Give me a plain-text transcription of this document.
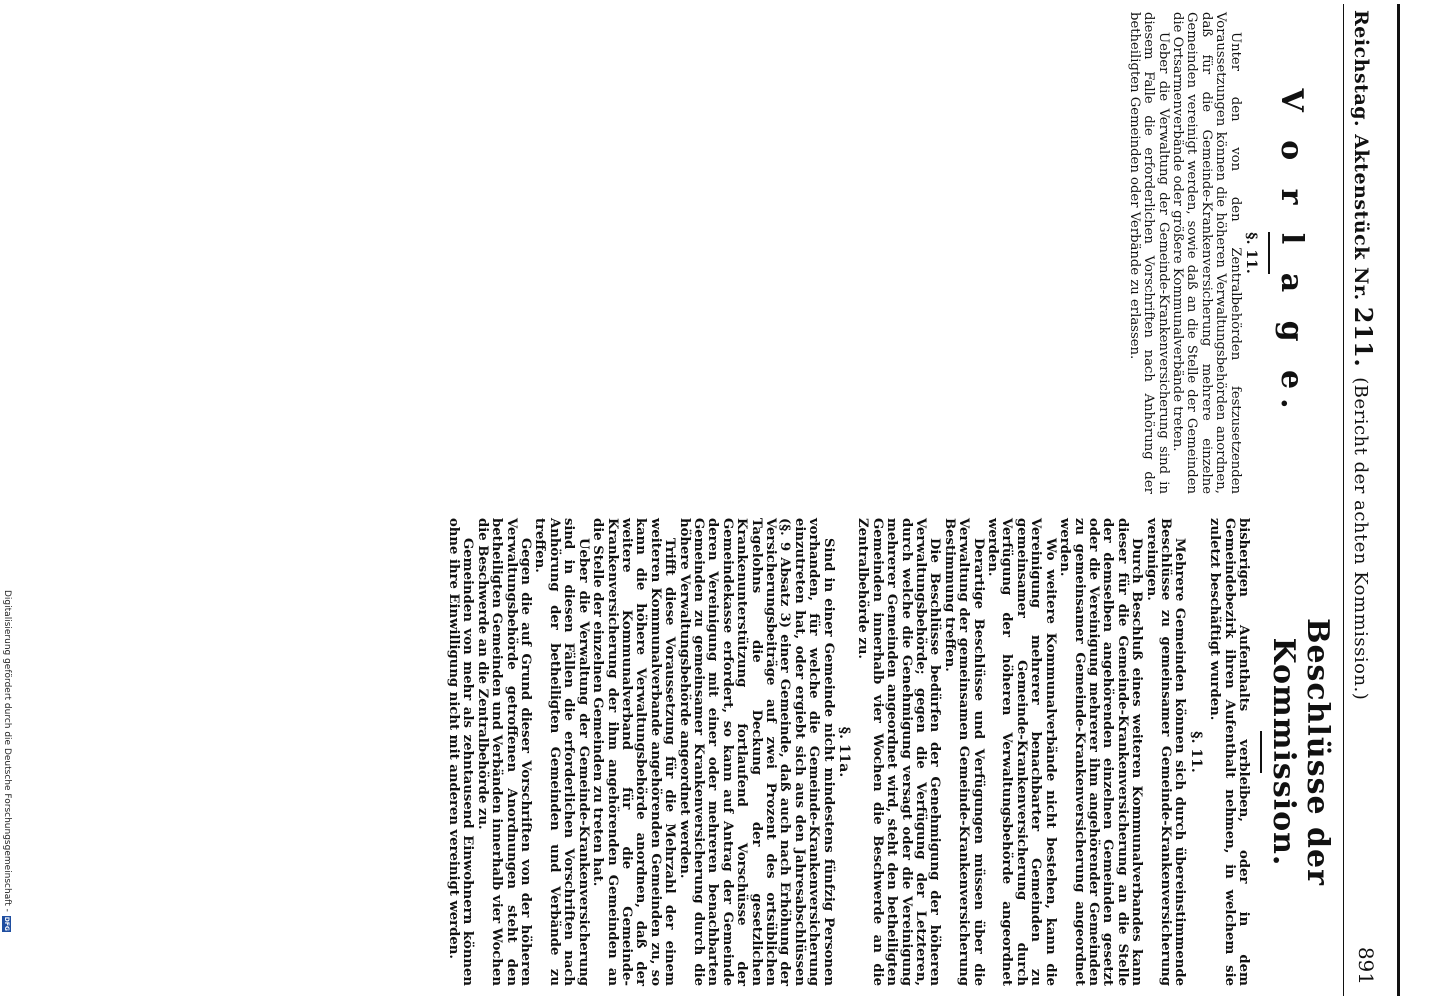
Reichstag. Aktenstück Nr.211.(Bericht der achten Kommission.)
891
V o r l a g e.
§. 11.

Unter den von den Zentralbehörden festzusetzenden Voraussetzungen können die höheren Verwaltungsbehörden anordnen, daß für die Gemeinde-Krankenversicherung mehrere einzelne Gemeinden vereinigt werden, sowie daß an die Stelle der Gemeinden die Ortsarmenverbände oder größere Kommunalverbände treten.

Ueber die Verwaltung der Gemeinde-Krankenversicherung sind in diesem Falle die erforderlichen Vorschriften nach Anhörung der betheiligten Gemeinden oder Verbände zu erlassen.

Beschlüsse der Kommission.

bisherigen Aufenthalts verbleiben, oder in dem Gemeindebezirk ihren Aufenthalt nehmen, in welchem sie zuletzt beschäftigt wurden.

§. 11.

Mehrere Gemeinden können sich durch übereinstimmende Beschlüsse zu gemeinsamer Gemeinde-Krankenversicherung vereinigen.

Durch Beschluß eines weiteren Kommunalverbandes kann dieser für die Gemeinde-Krankenversicherung an die Stelle der demselben angehörenden einzelnen Gemeinden gesetzt oder die Vereinigung mehrerer ihm angehörender Gemeinden zu gemeinsamer Gemeinde-Krankenversicherung angeordnet werden.

Wo weitere Kommunalverbände nicht bestehen, kann die Vereinigung mehrerer benachbarter Gemeinden zu gemeinsamer Gemeinde-Krankenversicherung durch Verfügung der höheren Verwaltungsbehörde angeordnet werden.

Derartige Beschlüsse und Verfügungen müssen über die Verwaltung der gemeinsamen Gemeinde-Krankenversicherung Bestimmung treffen.

Die Beschlüsse bedürfen der Genehmigung der höheren Verwaltungsbehörde; gegen die Verfügung der Letzteren, durch welche die Genehmigung versagt oder die Vereinigung mehrerer Gemeinden angeordnet wird, steht den betheiligten Gemeinden innerhalb vier Wochen die Beschwerde an die Zentralbehörde zu.

§. 11a.

Sind in einer Gemeinde nicht mindestens fünfzig Personen vorhanden, für welche die Gemeinde-Krankenversicherung einzutreten hat, oder ergiebt sich aus den Jahresabschlüssen (§. 9 Absatz 3) einer Gemeinde, daß auch nach Erhöhung der Versicherungsbeiträge auf zwei Prozent des ortsüblichen Tagelohns die Deckung der gesetzlichen Krankenunterstützung fortlaufend Vorschüsse der Gemeindekasse erfordert, so kann auf Antrag der Gemeinde deren Vereinigung mit einer oder mehreren benachbarten Gemeinden zu gemeinsamer Krankenversicherung durch die höhere Verwaltungsbehörde angeordnet werden.

Trifft diese Voraussetzung für die Mehrzahl der einem weiteren Kommunalverbande angehörenden Gemeinden zu, so kann die höhere Verwaltungsbehörde anordnen, daß der weitere Kommunalverband für die Gemeinde-Krankenversicherung der ihm angehörenden Gemeinden an die Stelle der einzelnen Gemeinden zu treten hat.

Ueber die Verwaltung der Gemeinde-Krankenversicherung sind in diesen Fällen die erforderlichen Vorschriften nach Anhörung der betheiligten Gemeinden und Verbände zu treffen.

Gegen die auf Grund dieser Vorschriften von der höheren Verwaltungsbehörde getroffenen Anordnungen steht den betheiligten Gemeinden und Verbänden innerhalb vier Wochen die Beschwerde an die Zentralbehörde zu.

Gemeinden von mehr als zehntausend Einwohnern können ohne ihre Einwilligung nicht mit anderen vereinigt werden.

Digitalisierung gefördert durch die Deutsche Forschungsgemeinschaft -
DFG
